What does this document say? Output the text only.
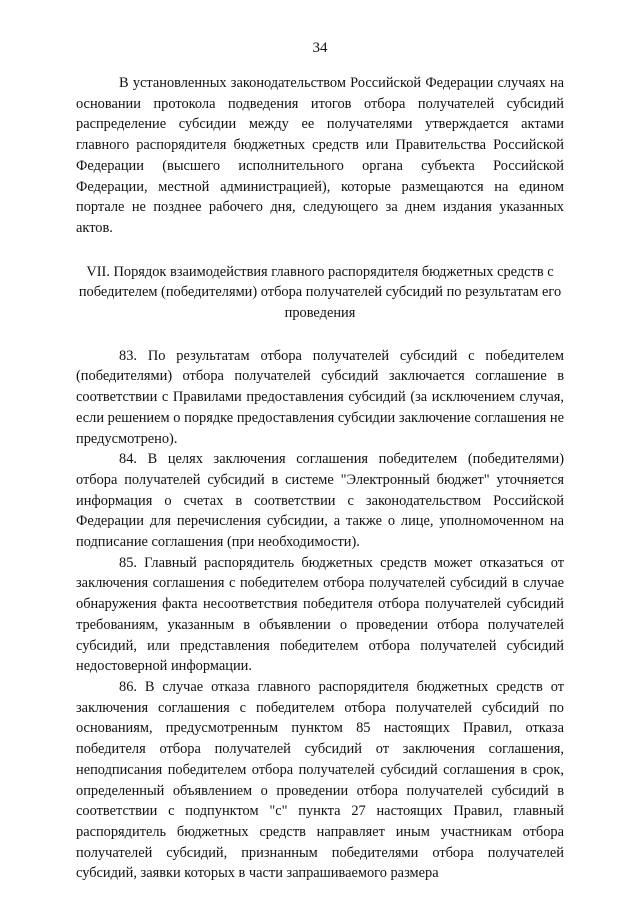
34

В установленных законодательством Российской Федерации случаях на основании протокола подведения итогов отбора получателей субсидий распределение субсидии между ее получателями утверждается актами главного распорядителя бюджетных средств или Правительства Российской Федерации (высшего исполнительного органа субъекта Российской Федерации, местной администрацией), которые размещаются на едином портале не позднее рабочего дня, следующего за днем издания указанных актов.

VII. Порядок взаимодействия главного распорядителя бюджетных средств с победителем (победителями) отбора получателей субсидий по результатам его проведения

83. По результатам отбора получателей субсидий с победителем (победителями) отбора получателей субсидий заключается соглашение в соответствии с Правилами предоставления субсидий (за исключением случая, если решением о порядке предоставления субсидии заключение соглашения не предусмотрено).

84. В целях заключения соглашения победителем (победителями) отбора получателей субсидий в системе "Электронный бюджет" уточняется информация о счетах в соответствии с законодательством Российской Федерации для перечисления субсидии, а также о лице, уполномоченном на подписание соглашения (при необходимости).

85. Главный распорядитель бюджетных средств может отказаться от заключения соглашения с победителем отбора получателей субсидий в случае обнаружения факта несоответствия победителя отбора получателей субсидий требованиям, указанным в объявлении о проведении отбора получателей субсидий, или представления победителем отбора получателей субсидий недостоверной информации.

86. В случае отказа главного распорядителя бюджетных средств от заключения соглашения с победителем отбора получателей субсидий по основаниям, предусмотренным пунктом 85 настоящих Правил, отказа победителя отбора получателей субсидий от заключения соглашения, неподписания победителем отбора получателей субсидий соглашения в срок, определенный объявлением о проведении отбора получателей субсидий в соответствии с подпунктом "с" пункта 27 настоящих Правил, главный распорядитель бюджетных средств направляет иным участникам отбора получателей субсидий, признанным победителями отбора получателей субсидий, заявки которых в части запрашиваемого размера
